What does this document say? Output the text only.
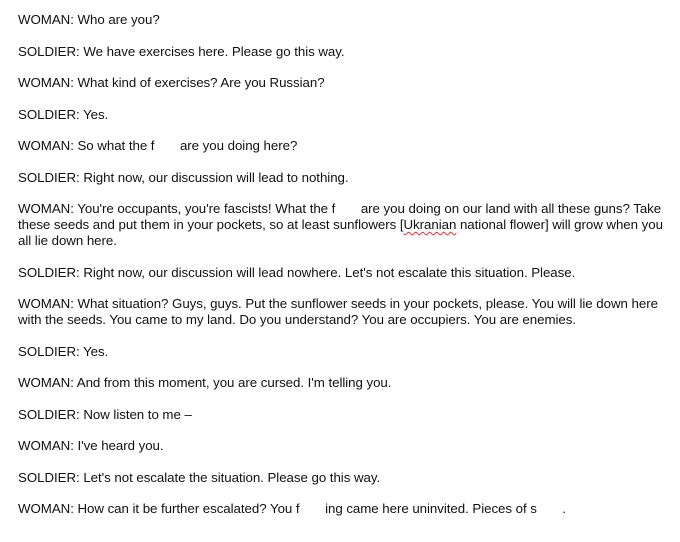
WOMAN: Who are you?

SOLDIER: We have exercises here. Please go this way.

WOMAN: What kind of exercises? Are you Russian?

SOLDIER: Yes.

WOMAN: So what the f       are you doing here?

SOLDIER: Right now, our discussion will lead to nothing.

WOMAN: You're occupants, you're fascists! What the f       are you doing on our land with all these guns? Take these seeds and put them in your pockets, so at least sunflowers [Ukranian national flower] will grow when you all lie down here.

SOLDIER: Right now, our discussion will lead nowhere. Let's not escalate this situation. Please.

WOMAN: What situation? Guys, guys. Put the sunflower seeds in your pockets, please. You will lie down here with the seeds. You came to my land. Do you understand? You are occupiers. You are enemies.

SOLDIER: Yes.

WOMAN: And from this moment, you are cursed. I'm telling you.

SOLDIER: Now listen to me –

WOMAN: I've heard you.

SOLDIER: Let's not escalate the situation. Please go this way.

WOMAN: How can it be further escalated? You f       ing came here uninvited. Pieces of s       .
